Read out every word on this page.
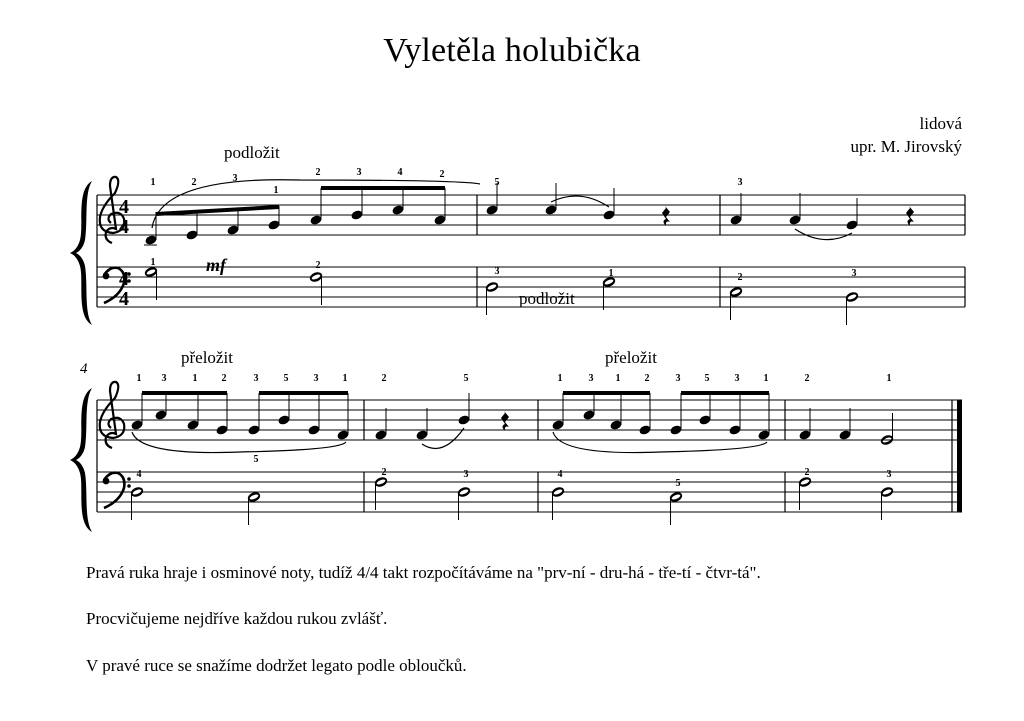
Vyletěla holubička
lidová
upr. M. Jirovský
4
4
4
4
1	2	3
1
2	3	4	2
5	3
1	2
3	1	2	3
podložit
podložit
mf
4
1 3	1 2	3	5	3 1	2	5	1	3 1 2	3 5	3 1	2	1
4
5
2	3	4
5
2	3
přeložit	přeložit
Pravá ruka hraje i osminové noty, tudíž 4/4 takt rozpočítáváme na "prv-ní - dru-há - tře-tí - čtvr-tá".
Procvičujeme nejdříve každou rukou zvlášť.
V pravé ruce se snažíme dodržet legato podle obloučků.
